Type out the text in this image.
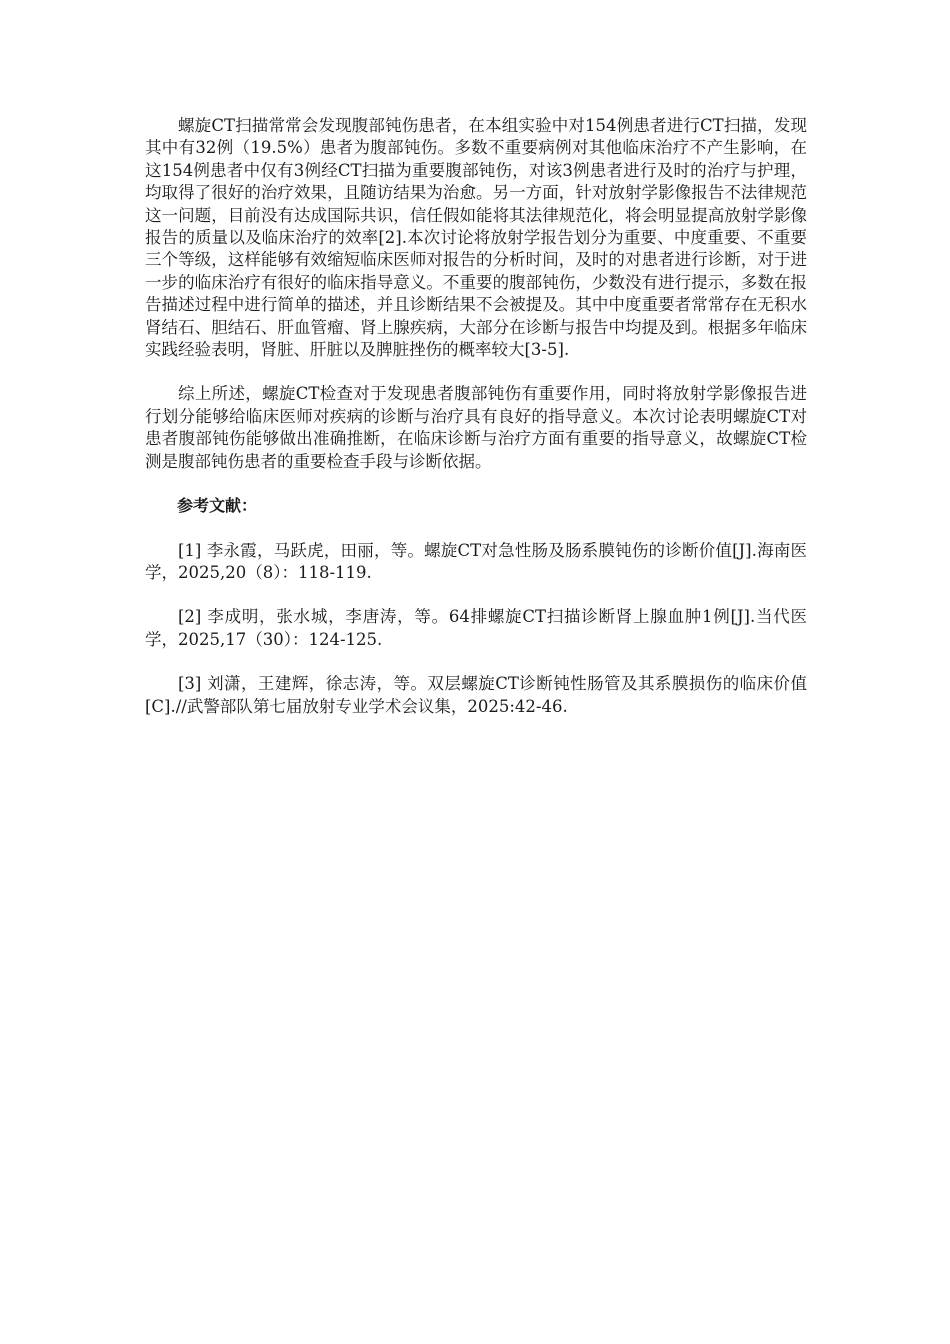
螺旋CT扫描常常会发现腹部钝伤患者，在本组实验中对154例患者进行CT扫描，发现其中有32例（19.5%）患者为腹部钝伤。多数不重要病例对其他临床治疗不产生影响，在这154例患者中仅有3例经CT扫描为重要腹部钝伤，对该3例患者进行及时的治疗与护理，均取得了很好的治疗效果，且随访结果为治愈。另一方面，针对放射学影像报告不法律规范这一问题，目前没有达成国际共识，信任假如能将其法律规范化，将会明显提高放射学影像报告的质量以及临床治疗的效率[2].本次讨论将放射学报告划分为重要、中度重要、不重要三个等级，这样能够有效缩短临床医师对报告的分析时间，及时的对患者进行诊断，对于进一步的临床治疗有很好的临床指导意义。不重要的腹部钝伤，少数没有进行提示，多数在报告描述过程中进行简单的描述，并且诊断结果不会被提及。其中中度重要者常常存在无积水肾结石、胆结石、肝血管瘤、肾上腺疾病，大部分在诊断与报告中均提及到。根据多年临床实践经验表明，肾脏、肝脏以及脾脏挫伤的概率较大[3-5].

综上所述，螺旋CT检查对于发现患者腹部钝伤有重要作用，同时将放射学影像报告进行划分能够给临床医师对疾病的诊断与治疗具有良好的指导意义。本次讨论表明螺旋CT对患者腹部钝伤能够做出准确推断，在临床诊断与治疗方面有重要的指导意义，故螺旋CT检测是腹部钝伤患者的重要检查手段与诊断依据。

参考文献：

[1] 李永霞，马跃虎，田丽，等。螺旋CT对急性肠及肠系膜钝伤的诊断价值[J].海南医学，2025,20（8）：118-119.

[2] 李成明，张水城，李唐涛，等。64排螺旋CT扫描诊断肾上腺血肿1例[J].当代医学，2025,17（30）：124-125.

[3] 刘潇，王建辉，徐志涛，等。双层螺旋CT诊断钝性肠管及其系膜损伤的临床价值[C].//武警部队第七届放射专业学术会议集，2025:42-46.
